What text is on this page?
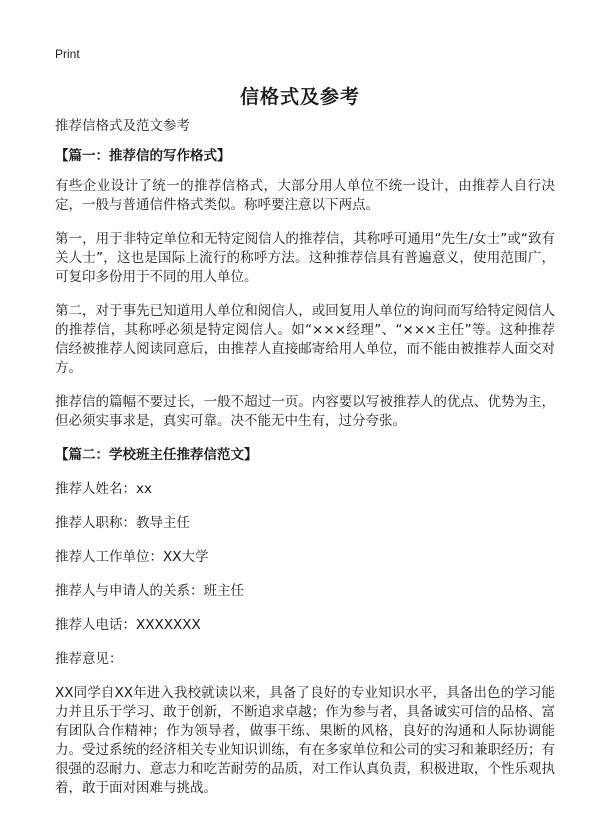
Print
信格式及参考

推荐信格式及范文参考

【篇一：推荐信的写作格式】

有些企业设计了统一的推荐信格式，大部分用人单位不统一设计，由推荐人自行决定，一般与普通信件格式类似。称呼要注意以下两点。

第一，用于非特定单位和无特定阅信人的推荐信，其称呼可通用“先生/女士”或“致有关人士”，这也是国际上流行的称呼方法。这种推荐信具有普遍意义，使用范围广，可复印多份用于不同的用人单位。

第二，对于事先已知道用人单位和阅信人，或回复用人单位的询问而写给特定阅信人的推荐信，其称呼必须是特定阅信人。如“×××经理”、“×××主任”等。这种推荐信经被推荐人阅读同意后，由推荐人直接邮寄给用人单位，而不能由被推荐人面交对方。

推荐信的篇幅不要过长，一般不超过一页。内容要以写被推荐人的优点、优势为主，但必须实事求是，真实可靠。决不能无中生有，过分夸张。

【篇二：学校班主任推荐信范文】

推荐人姓名：xx

推荐人职称：教导主任

推荐人工作单位：XX大学

推荐人与申请人的关系：班主任

推荐人电话：XXXXXXX

推荐意见：

XX同学自XX年进入我校就读以来，具备了良好的专业知识水平，具备出色的学习能力并且乐于学习、敢于创新，不断追求卓越；作为参与者，具备诚实可信的品格、富有团队合作精神；作为领导者，做事干练、果断的风格，良好的沟通和人际协调能力。受过系统的经济相关专业知识训练，有在多家单位和公司的实习和兼职经历；有很强的忍耐力、意志力和吃苦耐劳的品质，对工作认真负责，积极进取，个性乐观执着，敢于面对困难与挑战。
